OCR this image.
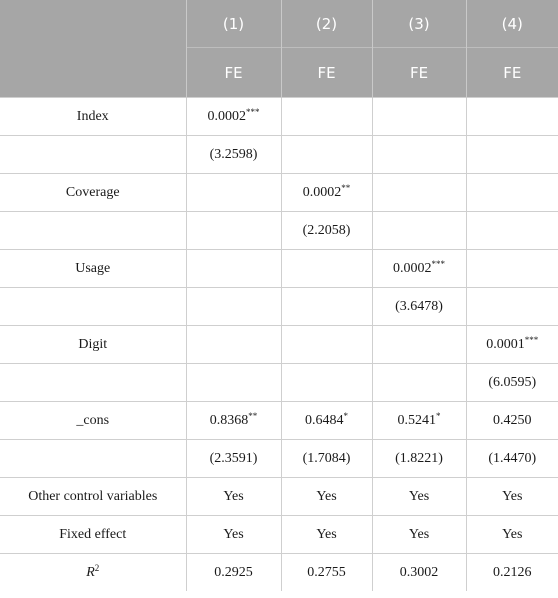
	(1)	(2)	(3)	(4)
	FE	FE	FE	FE
Index	0.0002***			
	(3.2598)			
Coverage		0.0002**		
		(2.2058)		
Usage			0.0002***	
			(3.6478)	
Digit				0.0001***
				(6.0595)
_cons	0.8368**	0.6484*	0.5241*	0.4250
	(2.3591)	(1.7084)	(1.8221)	(1.4470)
Other control variables	Yes	Yes	Yes	Yes
Fixed effect	Yes	Yes	Yes	Yes
$R^2$	0.2925	0.2755	0.3002	0.2126
